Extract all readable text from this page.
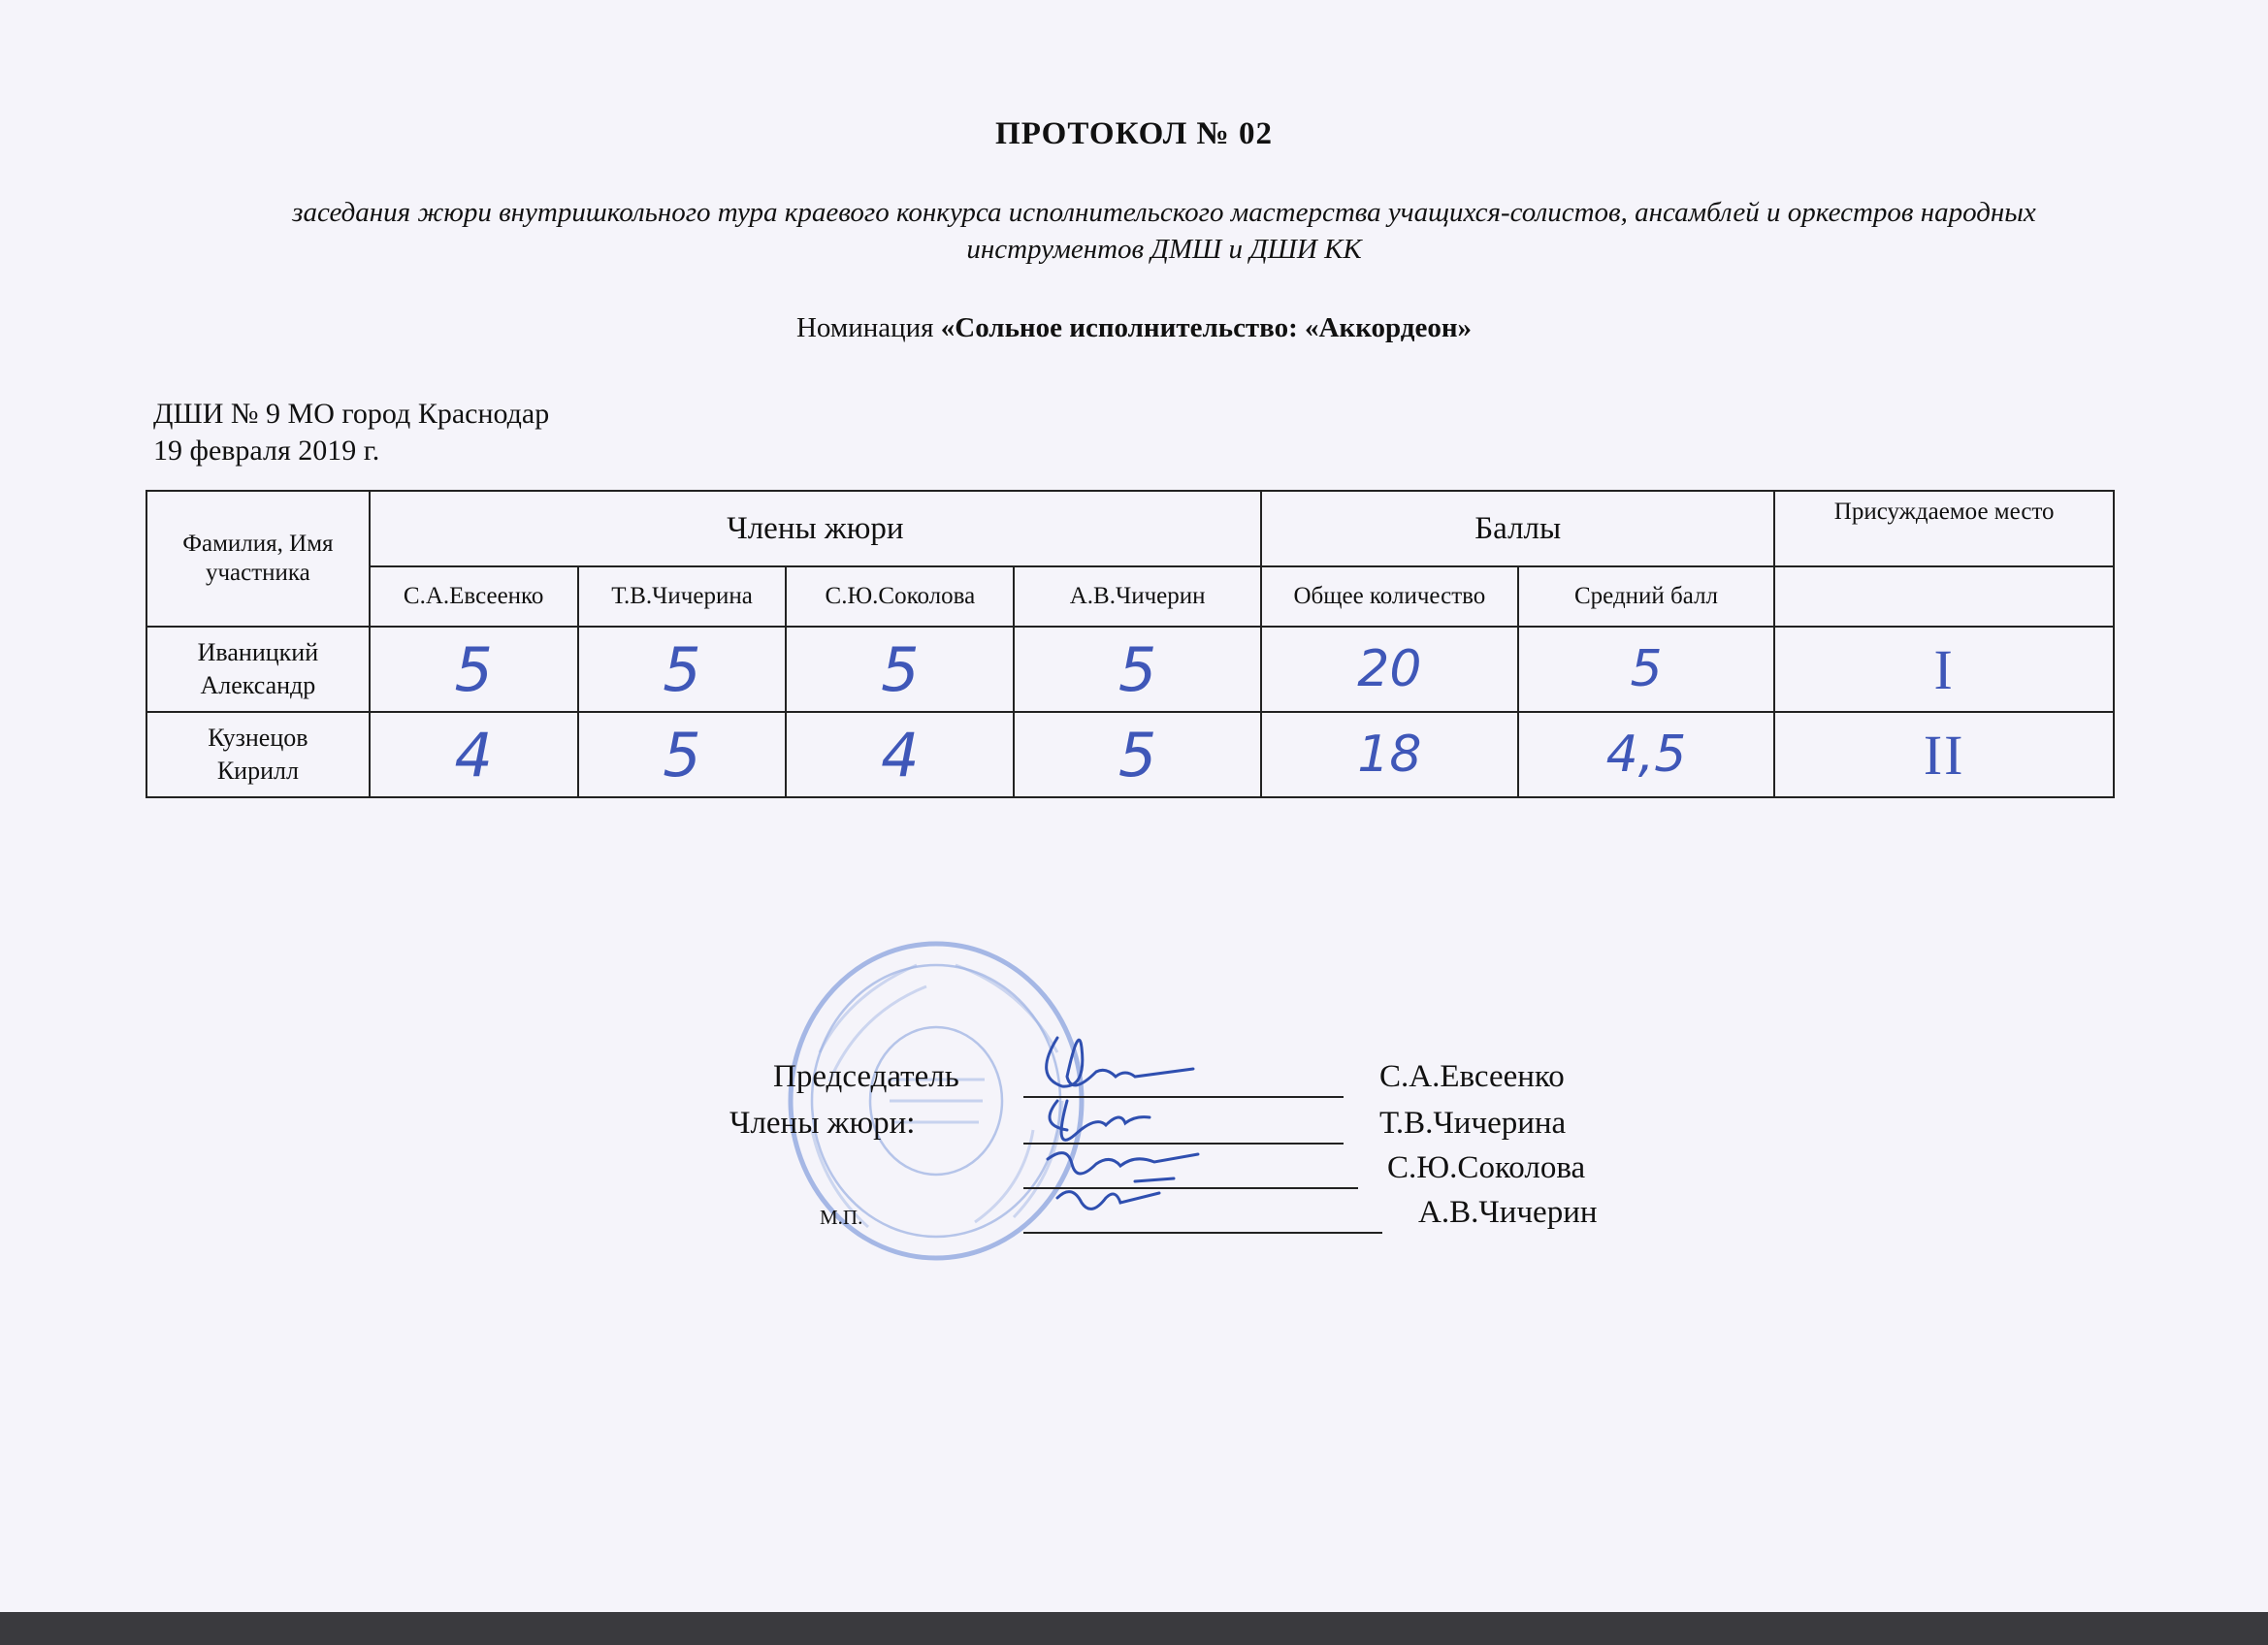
ПРОТОКОЛ № 02
заседания жюри внутришкольного тура краевого конкурса исполнительского мастерства учащихся-солистов, ансамблей и оркестров народных
инструментов ДМШ и ДШИ КК
Номинация «Сольное исполнительство: «Аккордеон»
ДШИ № 9 МО город Краснодар
19 февраля 2019 г.
Фамилия, Имя участника	Члены жюри				Баллы		Присуждаемое место
	С.А.Евсеенко	Т.В.Чичерина	С.Ю.Соколова	А.В.Чичерин	Общее количество	Средний балл	

Иваницкий
Александр	5	5	5	5	20	5	I

Кузнецов
Кирилл	4	5	4	5	18	4,5	II
Председатель	С.А.Евсеенко
Члены жюри:	Т.В.Чичерина
С.Ю.Соколова
М.П.	А.В.Чичерин
